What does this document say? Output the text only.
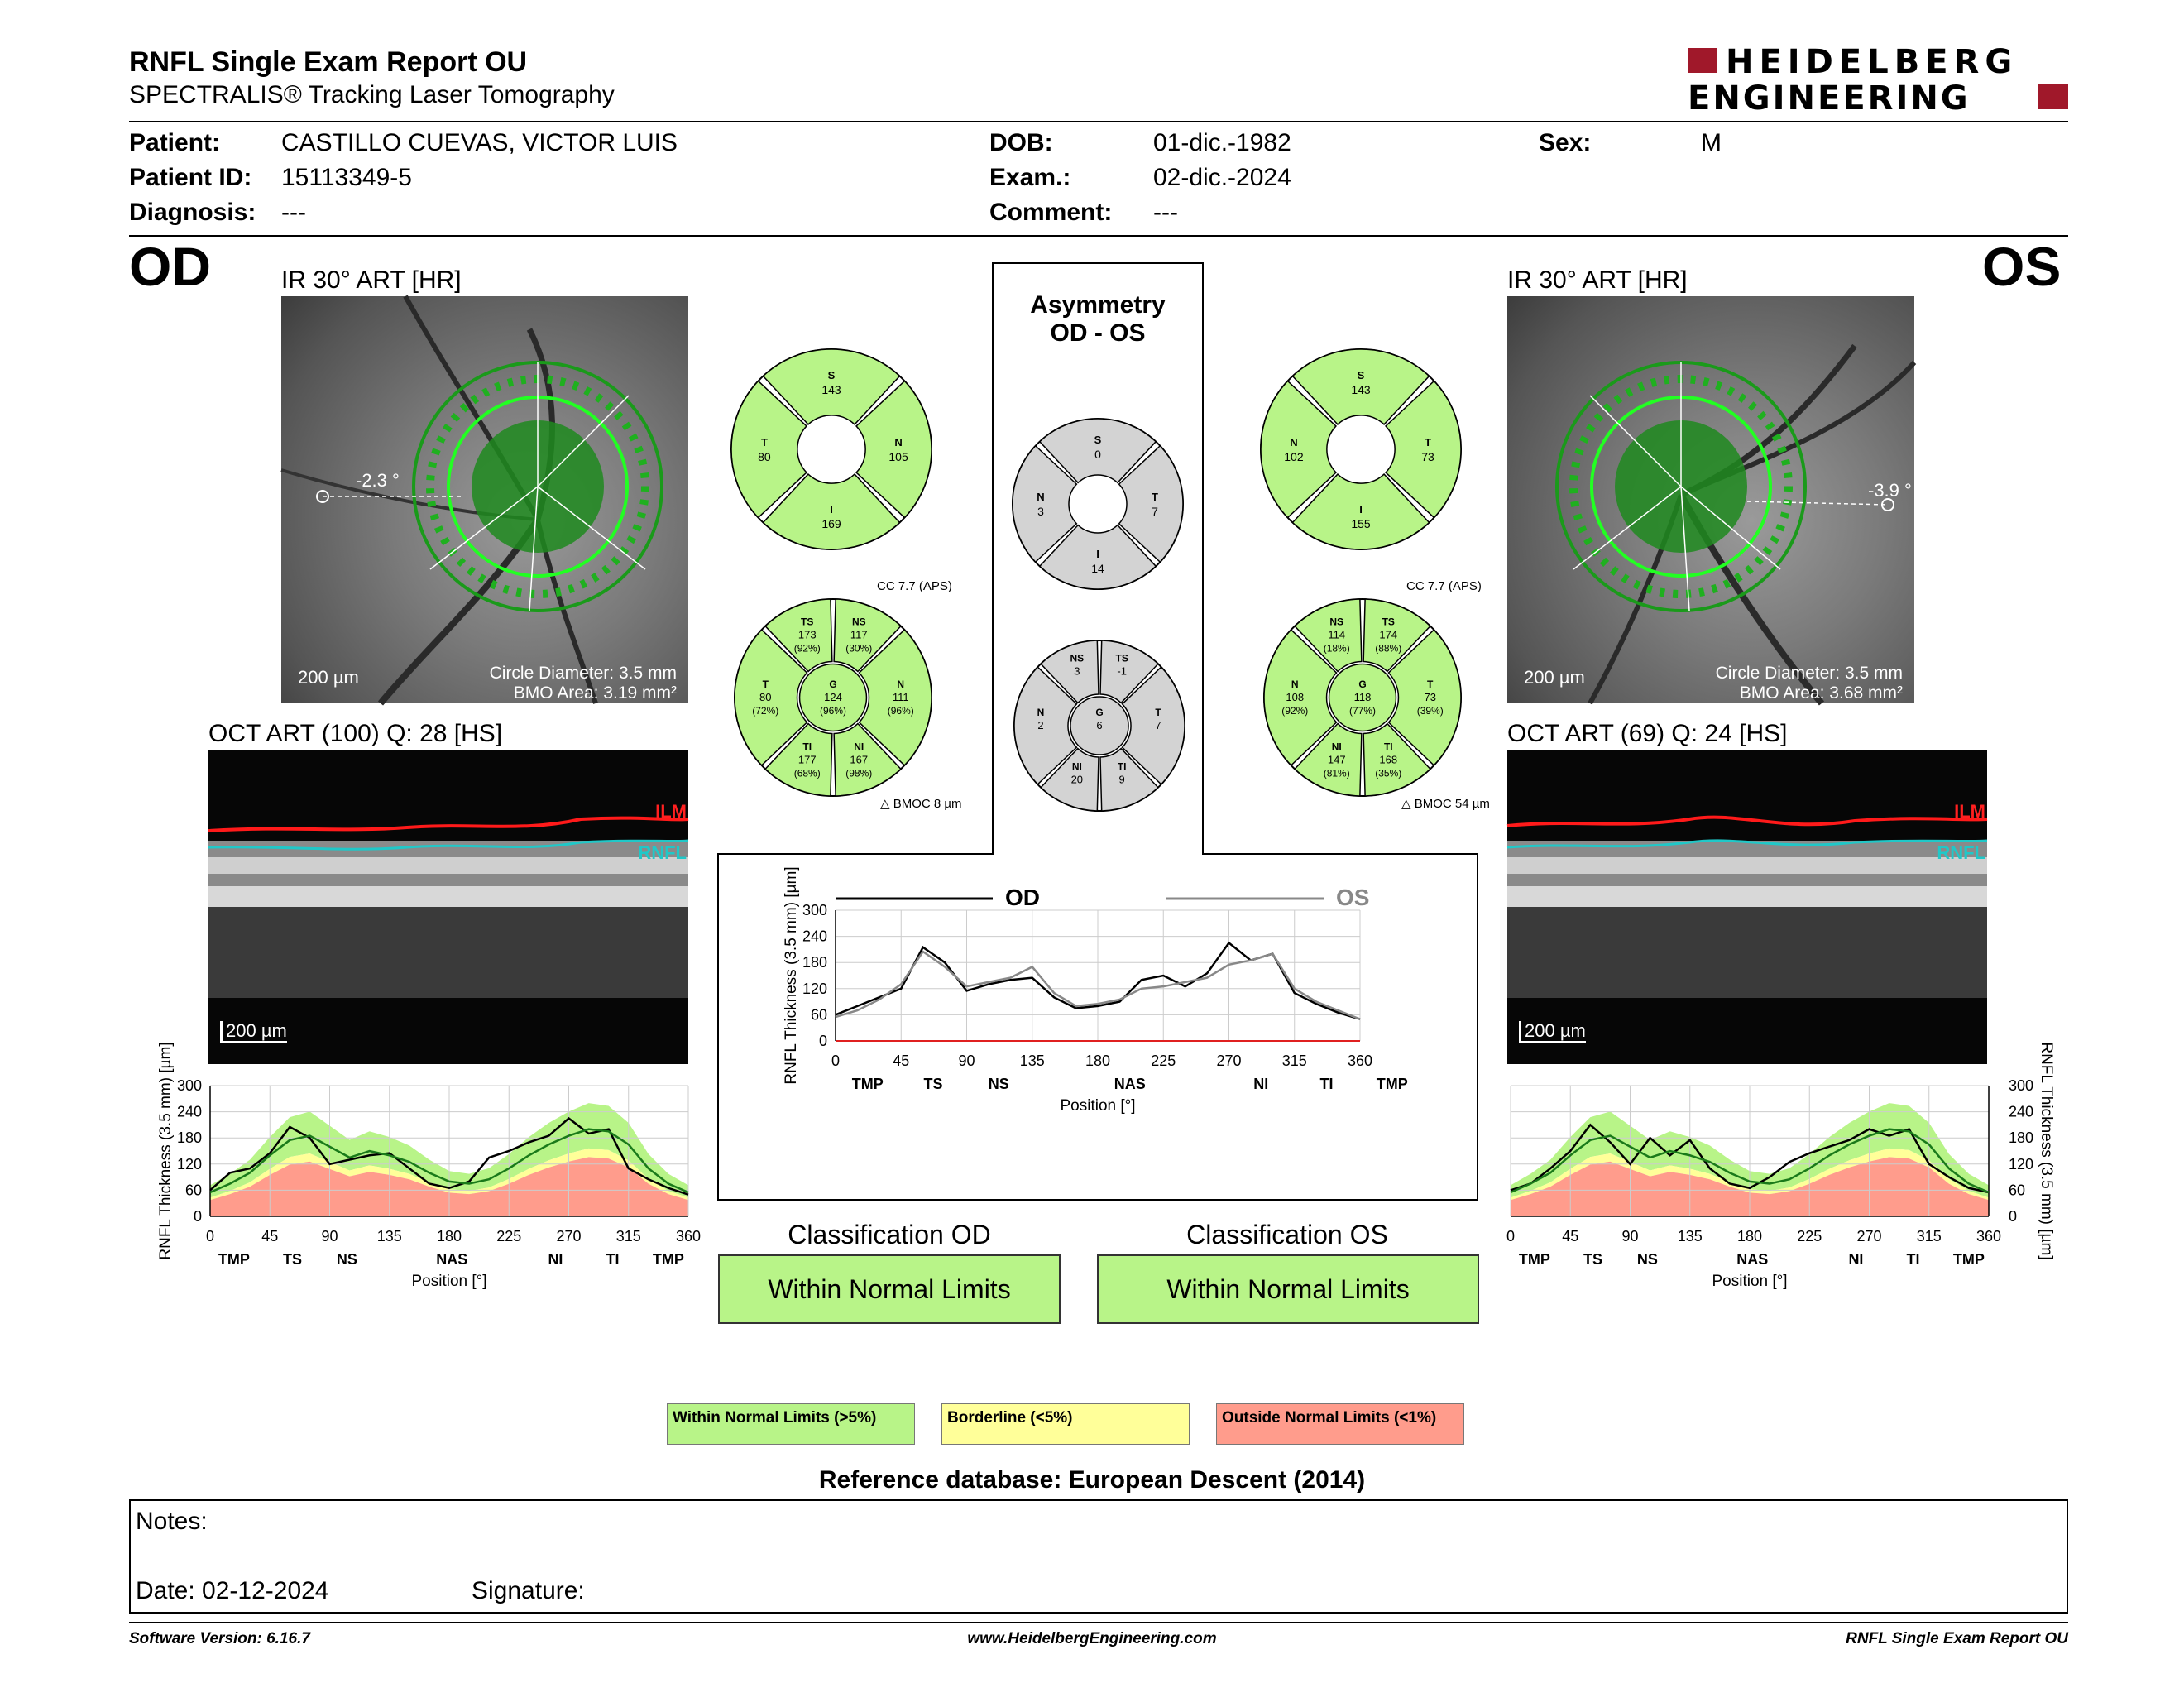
RNFL Single Exam Report OU
SPECTRALIS® Tracking Laser Tomography
HEIDELBERG
ENGINEERING
Patient: CASTILLO CUEVAS, VICTOR LUIS
Patient ID: 15113349-5
Diagnosis: ---
DOB:	01-dic.-1982
Exam.:	02-dic.-2024
Comment: ---
Sex:	M
OD	IR 30° ART [HR]
-2.3 °
200 µm	Circle Diameter: 3.5 mm
BMO Area: 3.19 mm²
OCT ART (100) Q: 28 [HS]
ILM
RNFL
200 µm
0
60
120
180
240
300
0	45	90	135 180 225 270 315 360
TMP TS NS	NAS	NI	TI TMP
Position [°]
RNFL Thickness (3.5 mm) [µm]
OS
IR 30° ART [HR]
-3.9 °
200 µm	Circle Diameter: 3.5 mm
BMO Area: 3.68 mm²
OCT ART (69) Q: 24 [HS]
ILM
RNFL
200 µm
0
60
120
180
240
300
0	45	90	135 180 225 270 315 360
TMP TS NS	NAS	NI	TI TMP
Position [°]
RNFL Thickness (3.5 mm) [µm]
Asymmetry
OD - OS
S
143
N
105
I
169
T
80
S
0
T
7
I
14
N
3
S
143
T
73
I
155
N
102
CC 7.7 (APS)	CC 7.7 (APS)
NS
117
(30%)
N
111
(96%)
NI
167
(98%)
TI
177
(68%)
T
80
(72%)
TS
173
(92%)
G
124
(96%)
TS
-1
T
7
TI
9
NI
20
N
2
NS
3
G
6
TS
174
(88%)
T
73
(39%)
TI
168
(35%)
NI
147
(81%)
N
108
(92%)
NS
114
(18%)
G
118
(77%)
△ BMOC 8 µm	△ BMOC 54 µm
0
60
120
180
240
300
0	45	90	135	180	225	270	315	360
TMP	TS	NS	NAS	NI	TI	TMP
Position [°]
RNFL Thickness (3.5 mm) [µm]	OD	OS
Classification OD
Within Normal Limits
Classification OS
Within Normal Limits
Within Normal Limits (>5%)	Borderline (<5%)	Outside Normal Limits (<1%)
Reference database: European Descent (2014)
Notes:
Date: 02-12-2024	Signature:
Software Version: 6.16.7	www.HeidelbergEngineering.com	RNFL Single Exam Report OU
